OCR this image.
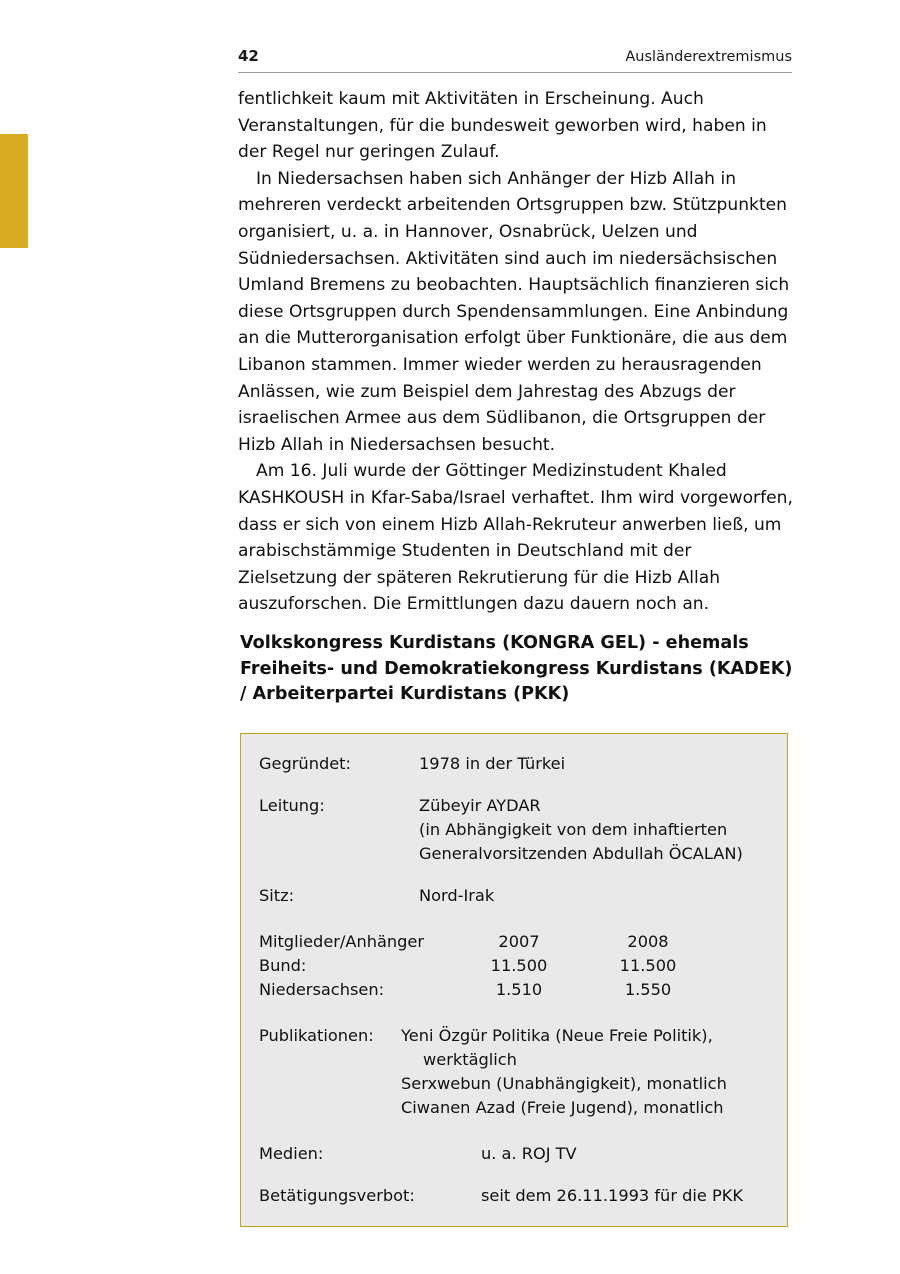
42	Ausländerextremismus

fentlichkeit kaum mit Aktivitäten in Erscheinung. Auch Veranstaltungen, für die bundesweit geworben wird, haben in der Regel nur geringen Zulauf.

In Niedersachsen haben sich Anhänger der Hizb Allah in mehreren verdeckt arbeitenden Ortsgruppen bzw. Stützpunkten organisiert, u. a. in Hannover, Osnabrück, Uelzen und Südniedersachsen. Aktivitäten sind auch im niedersächsischen Umland Bremens zu beobachten. Hauptsächlich finanzieren sich diese Ortsgruppen durch Spendensammlungen. Eine Anbindung an die Mutterorganisation erfolgt über Funktionäre, die aus dem Libanon stammen. Immer wieder werden zu herausragenden Anlässen, wie zum Beispiel dem Jahrestag des Abzugs der israelischen Armee aus dem Südlibanon, die Ortsgruppen der Hizb Allah in Niedersachsen besucht.

Am 16. Juli wurde der Göttinger Medizinstudent Khaled KASHKOUSH in Kfar-Saba/Israel verhaftet. Ihm wird vorgeworfen, dass er sich von einem Hizb Allah-Rekruteur anwerben ließ, um arabischstämmige Studenten in Deutschland mit der Zielsetzung der späteren Rekrutierung für die Hizb Allah auszuforschen. Die Ermittlungen dazu dauern noch an.

Volkskongress Kurdistans (KONGRA GEL) - ehemals Freiheits- und Demokratiekongress Kurdistans (KADEK) / Arbeiterpartei Kurdistans (PKK)
Gegründet:	1978 in der Türkei
Leitung:	Zübeyir AYDAR
(in Abhängigkeit von dem inhaftierten
Generalvorsitzenden Abdullah ÖCALAN)
Sitz:	Nord-Irak
Mitglieder/Anhänger	2007	2008
Bund:	11.500	11.500
Niedersachsen:	1.510	1.550
Publikationen:	Yeni Özgür Politika (Neue Freie Politik),
werktäglich
Serxwebun (Unabhängigkeit), monatlich
Ciwanen Azad (Freie Jugend), monatlich
Medien:	u. a. ROJ TV
Betätigungsverbot:	seit dem 26.11.1993 für die PKK
